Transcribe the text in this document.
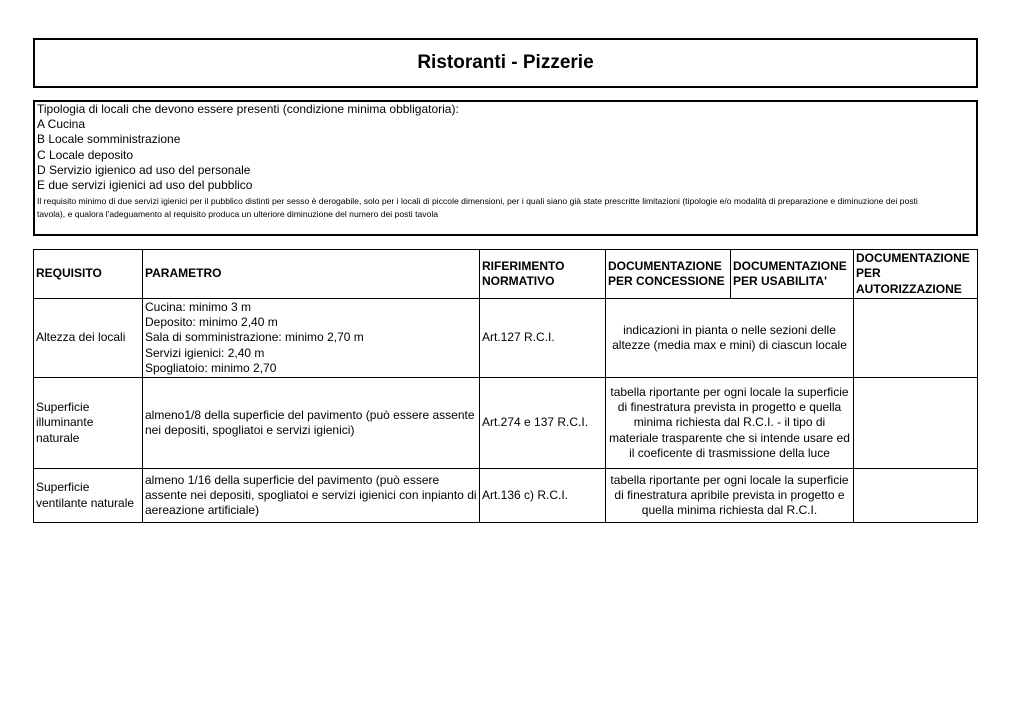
Ristoranti - Pizzerie
Tipologia di locali che devono essere presenti (condizione minima obbligatoria):
A Cucina
B Locale somministrazione
C Locale deposito
D Servizio igienico ad uso del personale
E due servizi igienici ad uso del pubblico
Il requisito minimo di due servizi igienici per il pubblico distinti per sesso è derogabile, solo per i locali di piccole dimensioni, per i quali siano già state prescritte limitazioni (tipologie e/o modalità di preparazione e diminuzione dei posti
tavola), e qualora l'adeguamento al requisito produca un ulteriore diminuzione del numero dei posti tavola
REQUISITO	PARAMETRO	RIFERIMENTO NORMATIVO	DOCUMENTAZIONE PER CONCESSIONE	DOCUMENTAZIONE PER USABILITA'	DOCUMENTAZIONE PER AUTORIZZAZIONE
Altezza dei locali	Cucina: minimo 3 m
Deposito: minimo 2,40 m
Sala di somministrazione: minimo 2,70 m
Servizi igienici: 2,40 m
Spogliatoio: minimo 2,70	Art.127 R.C.I.	indicazioni in pianta o nelle sezioni delle altezze (media max e mini) di ciascun locale		
Superficie illuminante naturale	almeno1/8 della superficie del pavimento (può essere assente nei depositi, spogliatoi e servizi igienici)	Art.274 e 137 R.C.I.	tabella riportante per ogni locale la superficie di finestratura prevista in progetto e quella minima richiesta dal R.C.I. - il tipo di materiale trasparente che si intende usare ed il coeficente di trasmissione della luce		
Superficie ventilante naturale	almeno 1/16 della superficie del pavimento (può essere assente nei depositi, spogliatoi e servizi igienici con inpianto di aereazione artificiale)	Art.136 c) R.C.I.	tabella riportante per ogni locale la superficie di finestratura apribile prevista in progetto e quella minima richiesta dal R.C.I.		
